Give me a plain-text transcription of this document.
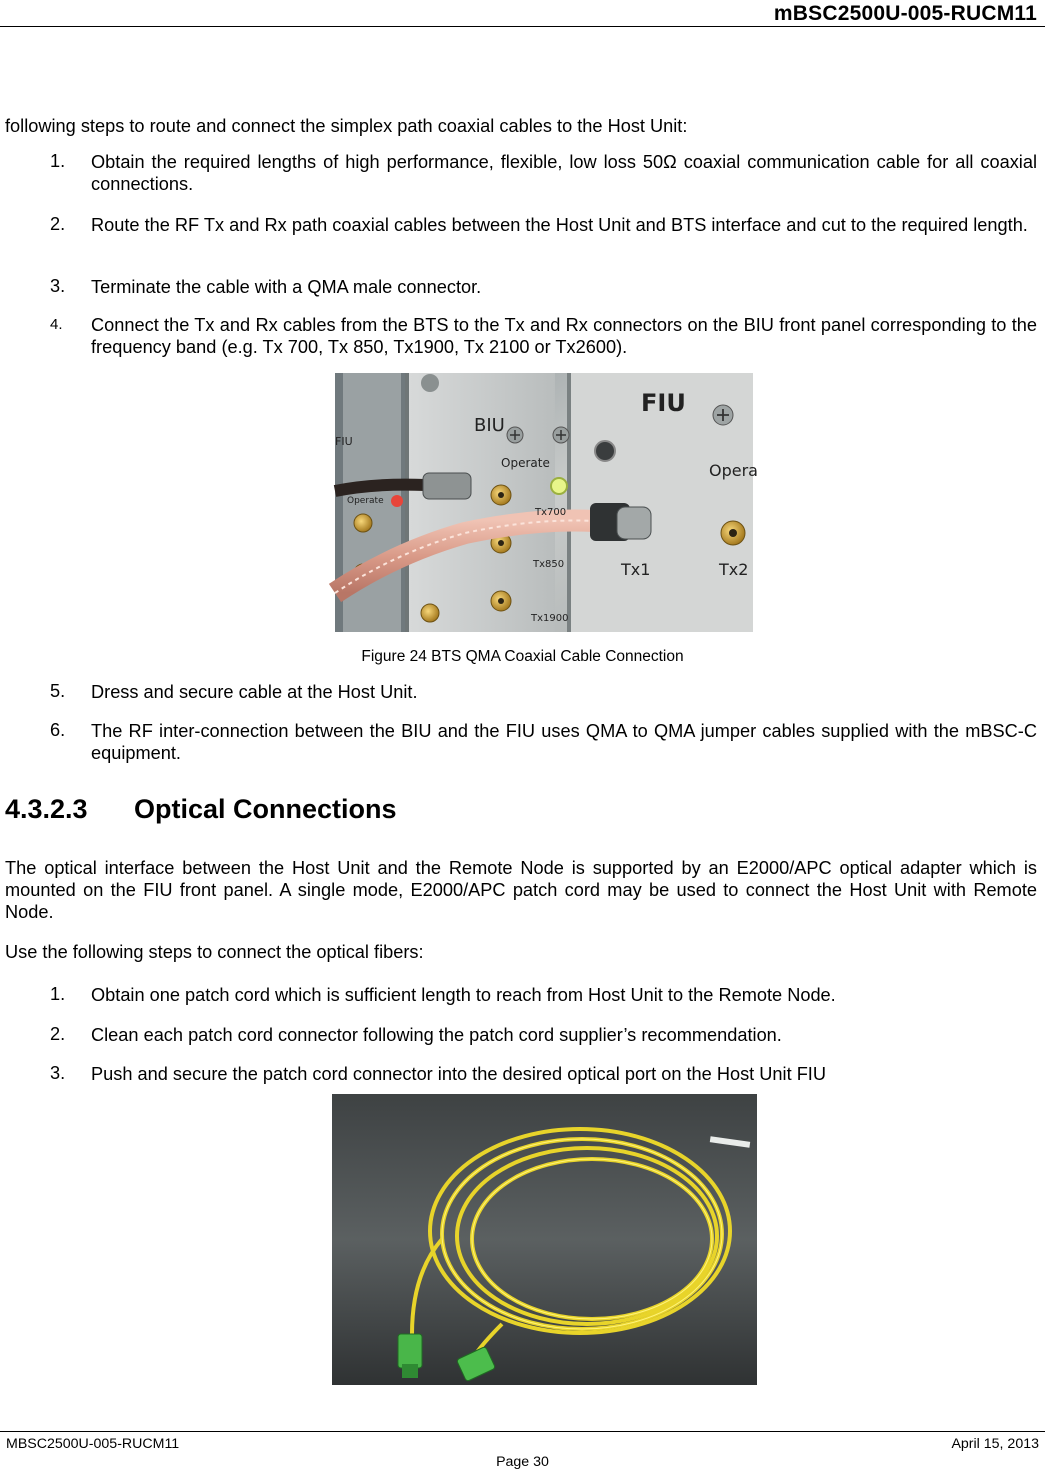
mBSC2500U-005-RUCM11
following steps to route and connect the simplex path coaxial cables to the Host Unit:
1. Obtain the required lengths of high performance, flexible, low loss 50Ω coaxial communication cable for all coaxial connections.
2. Route the RF Tx and Rx path coaxial cables between the Host Unit and BTS interface and cut to the required length.
3. Terminate the cable with a QMA male connector.
4. Connect the Tx and Rx cables from the BTS to the Tx and Rx connectors on the BIU front panel corresponding to the frequency band (e.g. Tx 700, Tx 850, Tx1900, Tx 2100 or Tx2600).
BIU
FIU
FIU
Operate
Operate
Opera
Tx700
Tx850
Tx1900
Tx1	Tx2
Figure 24 BTS QMA Coaxial Cable Connection
5. Dress and secure cable at the Host Unit.
6. The RF inter-connection between the BIU and the FIU uses QMA to QMA jumper cables supplied with the mBSC-C equipment.
4.3.2.3 Optical Connections
The optical interface between the Host Unit and the Remote Node is supported by an E2000/APC optical adapter which is mounted on the FIU front panel. A single mode, E2000/APC patch cord may be used to connect the Host Unit with Remote Node.
Use the following steps to connect the optical fibers:
1. Obtain one patch cord which is sufficient length to reach from Host Unit to the Remote Node.
2. Clean each patch cord connector following the patch cord supplier’s recommendation.
3. Push and secure the patch cord connector into the desired optical port on the Host Unit FIU
MBSC2500U-005-RUCM11	April 15, 2013
Page 30
